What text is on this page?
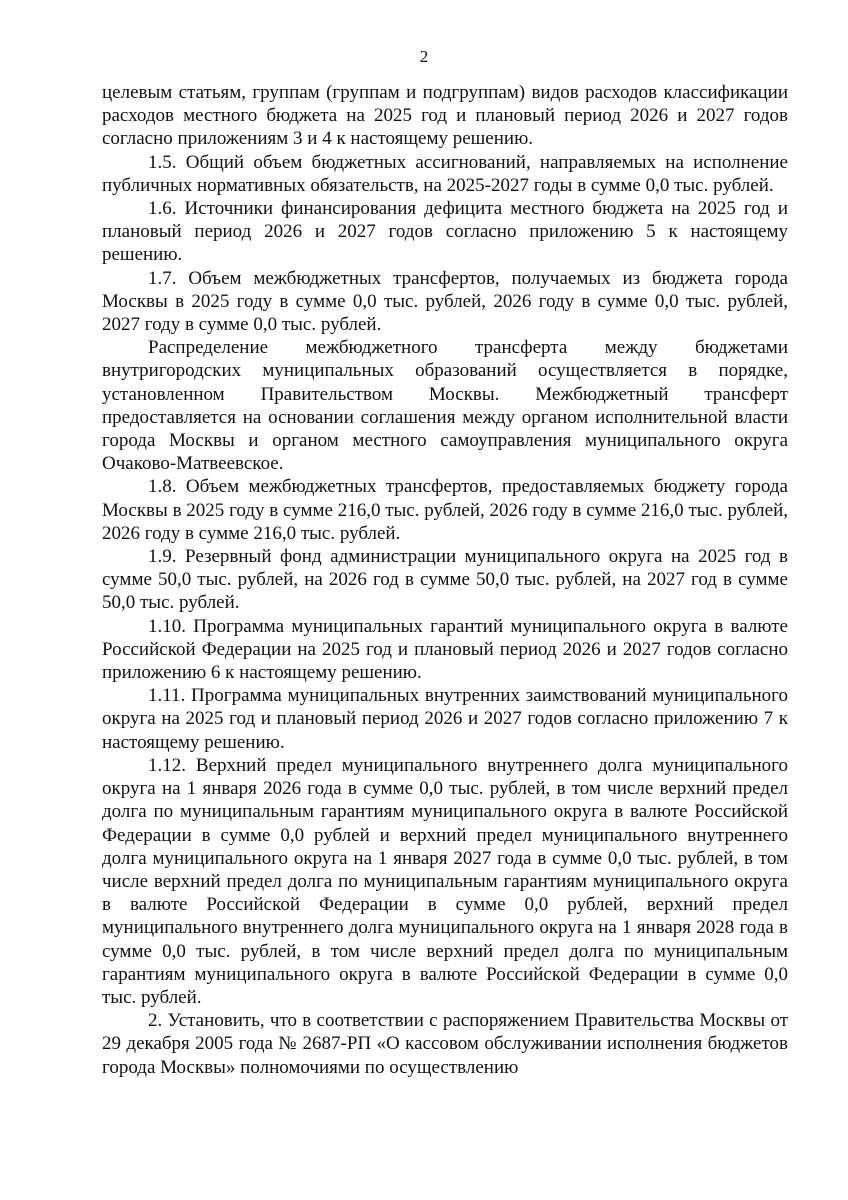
2

целевым статьям, группам (группам и подгруппам) видов расходов классификации расходов местного бюджета на 2025 год и плановый период 2026 и 2027 годов согласно приложениям 3 и 4 к настоящему решению.

1.5. Общий объем бюджетных ассигнований, направляемых на исполнение публичных нормативных обязательств, на 2025-2027 годы в сумме 0,0 тыс. рублей.

1.6. Источники финансирования дефицита местного бюджета на 2025 год и плановый период 2026 и 2027 годов согласно приложению 5 к настоящему решению.

1.7. Объем межбюджетных трансфертов, получаемых из бюджета города Москвы в 2025 году в сумме 0,0 тыс. рублей, 2026 году в сумме 0,0 тыс. рублей, 2027 году в сумме 0,0 тыс. рублей.

Распределение межбюджетного трансферта между бюджетами внутригородских муниципальных образований осуществляется в порядке, установленном Правительством Москвы. Межбюджетный трансферт предоставляется на основании соглашения между органом исполнительной власти города Москвы и органом местного самоуправления муниципального округа Очаково-Матвеевское.

1.8. Объем межбюджетных трансфертов, предоставляемых бюджету города Москвы в 2025 году в сумме 216,0 тыс. рублей, 2026 году в сумме 216,0 тыс. рублей, 2026 году в сумме 216,0 тыс. рублей.

1.9. Резервный фонд администрации муниципального округа на 2025 год в сумме 50,0 тыс. рублей, на 2026 год в сумме 50,0 тыс. рублей, на 2027 год в сумме 50,0 тыс. рублей.

1.10. Программа муниципальных гарантий муниципального округа в валюте Российской Федерации на 2025 год и плановый период 2026 и 2027 годов согласно приложению 6 к настоящему решению.

1.11. Программа муниципальных внутренних заимствований муниципального округа на 2025 год и плановый период 2026 и 2027 годов согласно приложению 7 к настоящему решению.

1.12. Верхний предел муниципального внутреннего долга муниципального округа на 1 января 2026 года в сумме 0,0 тыс. рублей, в том числе верхний предел долга по муниципальным гарантиям муниципального округа в валюте Российской Федерации в сумме 0,0 рублей и верхний предел муниципального внутреннего долга муниципального округа на 1 января 2027 года в сумме 0,0 тыс. рублей, в том числе верхний предел долга по муниципальным гарантиям муниципального округа в валюте Российской Федерации в сумме 0,0 рублей, верхний предел муниципального внутреннего долга муниципального округа на 1 января 2028 года в сумме 0,0 тыс. рублей, в том числе верхний предел долга по муниципальным гарантиям муниципального округа в валюте Российской Федерации в сумме 0,0 тыс. рублей.

2. Установить, что в соответствии с распоряжением Правительства Москвы от 29 декабря 2005 года № 2687-РП «О кассовом обслуживании исполнения бюджетов города Москвы» полномочиями по осуществлению
